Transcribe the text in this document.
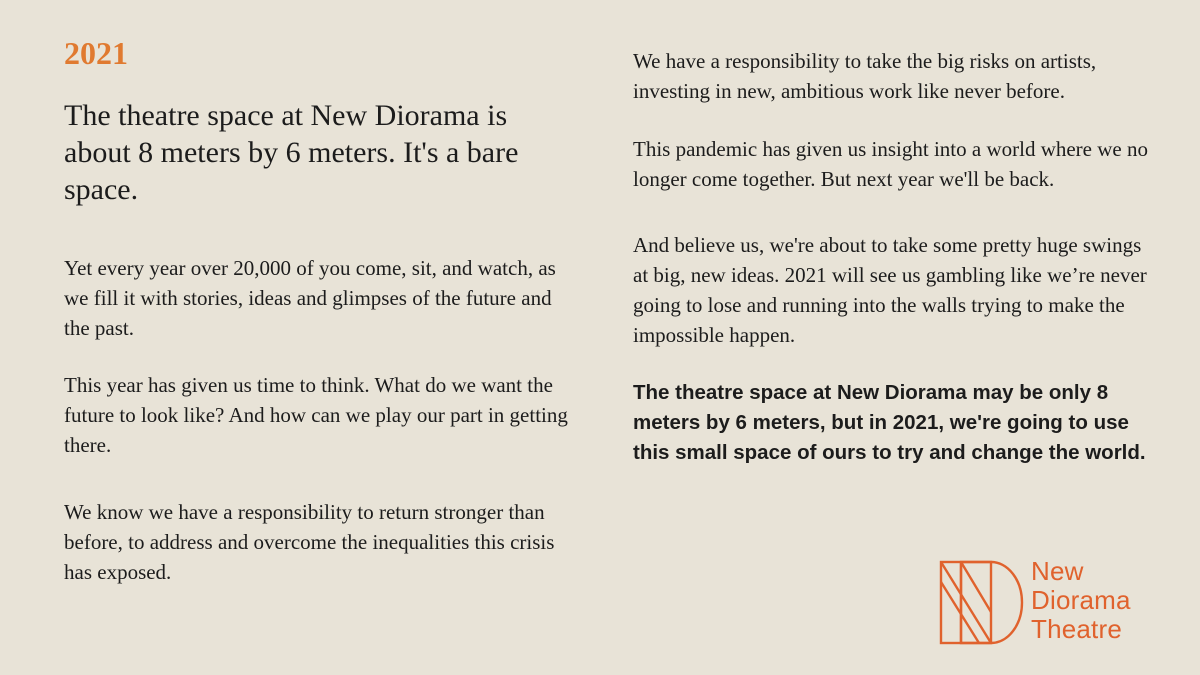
2021
The theatre space at New Diorama is about 8 meters by 6 meters. It's a bare space.

Yet every year over 20,000 of you come, sit, and watch, as we fill it with stories, ideas and glimpses of the future and the past.

This year has given us time to think. What do we want the future to look like? And how can we play our part in getting there.

We know we have a responsibility to return stronger than before, to address and overcome the inequalities this crisis has exposed.

We have a responsibility to take the big risks on artists, investing in new, ambitious work like never before.

This pandemic has given us insight into a world where we no longer come together. But next year we'll be back.

And believe us, we're about to take some pretty huge swings at big, new ideas. 2021 will see us gambling like we’re never going to lose and running into the walls trying to make the impossible happen.

The theatre space at New Diorama may be only 8 meters by 6 meters, but in 2021, we're going to use this small space of ours to try and change the world.

New
Diorama
Theatre
